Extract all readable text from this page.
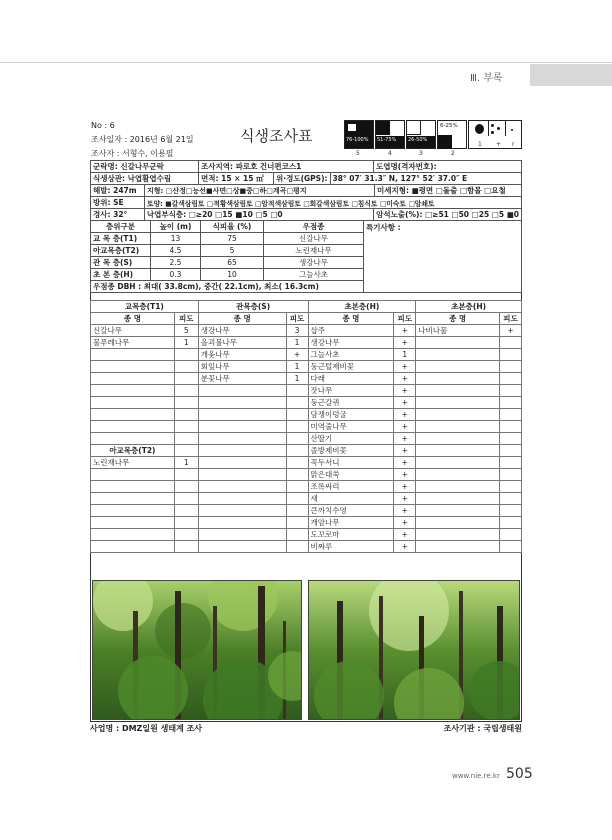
Ⅲ. 부록
No : 6
조사일자 : 2016년 6월 21일
조사자 : 서형수, 이용필
식생조사표	76-100% 51-75% 26-50%
6-25%
5	4	3	2
1 + r
군락명: 신갈나무군락	조사지역: 파로호 건너편코스1	도엽명(격자번호):
식생상관: 낙엽활엽수림	면적: 15 × 15 ㎡	위·경도(GPS):	38° 07′ 31.3″ N, 127° 52′ 37.0″ E
해발: 247m	지형: □산정□능선■사면□상■중□하□계곡□평지	미세지형: ■평면 □돌출 □함몰 □요철
방위: SE	토양: ■갈색삼림토 □적황색삼림토 □암적색삼림토 □회갈색삼림토 □침식토 □미숙토 □암쇄토
경사: 32°	낙엽부식층: □≥20 □15 ■10 □5 □0	암석노출(%): □≥51 □50 □25 □5 ■0
층위구분	높이 (m)	식피율 (%)	우점종	특기사항 :
교 목 층(T1)	13	75	신갈나무	
아교목층(T2)	4.5	5	노린재나무	
관 목 층(S)	2.5	65	생강나무	
초 본 층(H)	0.3	10	그늘사초	
우점종 DBH : 최대( 33.8cm), 중간( 22.1cm), 최소( 16.3cm)				
교목층(T1)		관목층(S)		초본층(H)		초본층(H)	
종 명	피도	종 명	피도	종 명	피도	종 명	피도
신갈나무	5	생강나무	3	삽주	+	나비나물	+
물푸레나무	1	올괴불나무	1	생강나무	+		
		개옻나무	+	그늘사초	1		
		회잎나무	1	둥근털제비꽃	+		
		분꽃나무	1	다래	+		
				잣나무	+		
				둥근갈퀴	+		
				담쟁이덩굴	+		
				미역줄나무	+		
				산딸기	+		
아교목층(T2)				졸방제비꽃	+		
노린재나무	1			꼭두서니	+		
				맑은대쑥	+		
				조록싸리	+		
				새	+		
				큰까치수영	+		
				개암나무	+		
				도꼬로마	+		
				비짜루	+		
사업명 : DMZ일원 생태계 조사	조사기관 : 국립생태원
www.nie.re.kr 505
